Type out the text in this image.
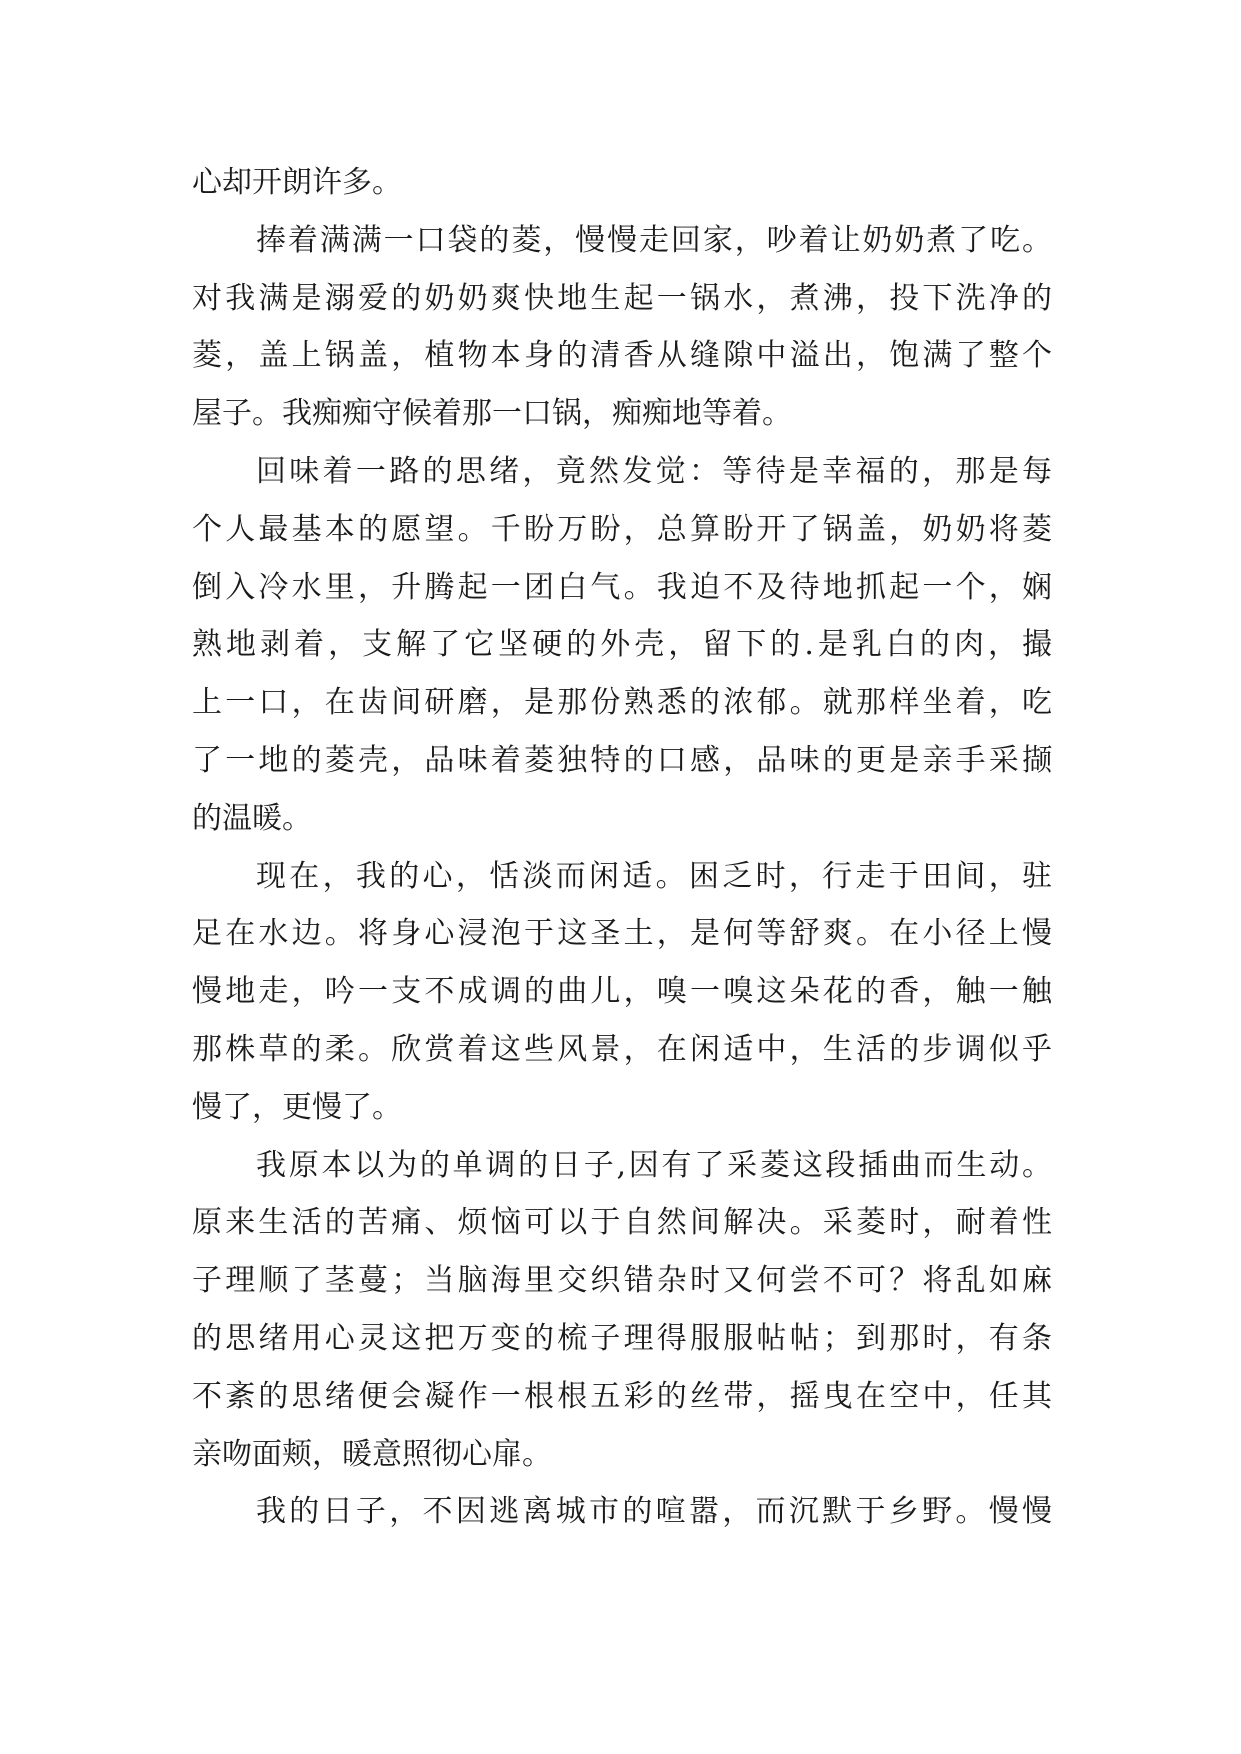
心却开朗许多。
捧着满满一口袋的菱，慢慢走回家，吵着让奶奶煮了吃。
对我满是溺爱的奶奶爽快地生起一锅水，煮沸，投下洗净的
菱，盖上锅盖，植物本身的清香从缝隙中溢出，饱满了整个
屋子。我痴痴守候着那一口锅，痴痴地等着。
回味着一路的思绪，竟然发觉：等待是幸福的，那是每
个人最基本的愿望。千盼万盼，总算盼开了锅盖，奶奶将菱
倒入冷水里，升腾起一团白气。我迫不及待地抓起一个，娴
熟地剥着，支解了它坚硬的外壳，留下的.是乳白的肉，撮
上一口，在齿间研磨，是那份熟悉的浓郁。就那样坐着，吃
了一地的菱壳，品味着菱独特的口感，品味的更是亲手采撷
的温暖。
现在，我的心，恬淡而闲适。困乏时，行走于田间，驻
足在水边。将身心浸泡于这圣土，是何等舒爽。在小径上慢
慢地走，吟一支不成调的曲儿，嗅一嗅这朵花的香，触一触
那株草的柔。欣赏着这些风景，在闲适中，生活的步调似乎
慢了，更慢了。
我原本以为的单调的日子,因有了采菱这段插曲而生动。
原来生活的苦痛、烦恼可以于自然间解决。采菱时，耐着性
子理顺了茎蔓；当脑海里交织错杂时又何尝不可？将乱如麻
的思绪用心灵这把万变的梳子理得服服帖帖；到那时，有条
不紊的思绪便会凝作一根根五彩的丝带，摇曳在空中，任其
亲吻面颊，暖意照彻心扉。
我的日子，不因逃离城市的喧嚣，而沉默于乡野。慢慢
